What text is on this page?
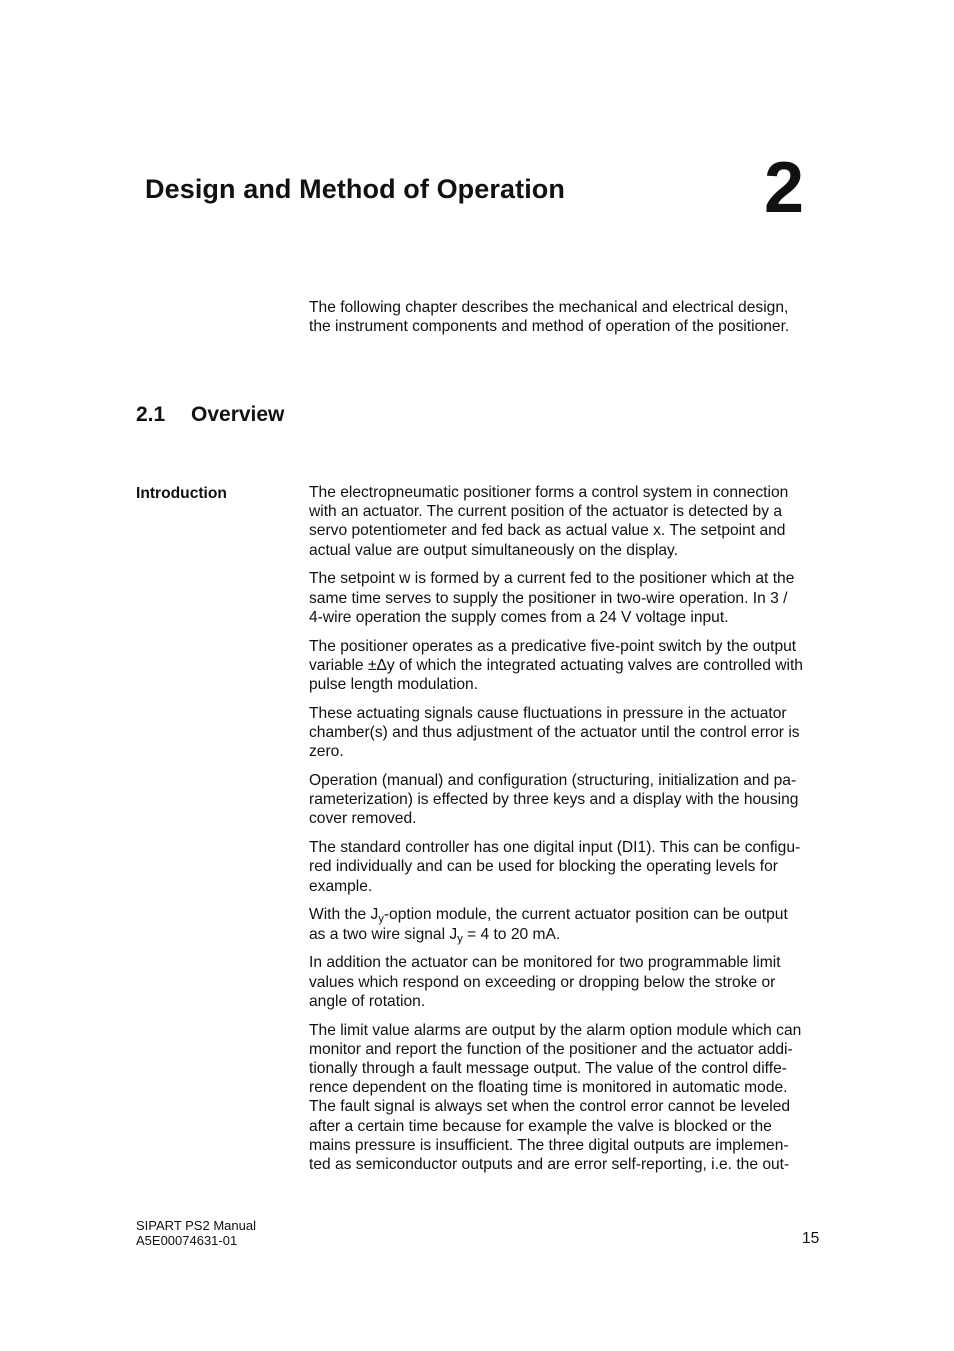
Design and Method of Operation	2

The following chapter describes the mechanical and electrical design,
the instrument components and method of operation of the positioner.

2.1 Overview
Introduction	The electropneumatic positioner forms a control system in connection
with an actuator. The current position of the actuator is detected by a
servo potentiometer and fed back as actual value x. The setpoint and
actual value are output simultaneously on the display.

The setpoint w is formed by a current fed to the positioner which at the
same time serves to supply the positioner in two-wire operation. In 3 /
4-wire operation the supply comes from a 24 V voltage input.

The positioner operates as a predicative five‑point switch by the output
variable ±Δy of which the integrated actuating valves are controlled with
pulse length modulation.

These actuating signals cause fluctuations in pressure in the actuator
chamber(s) and thus adjustment of the actuator until the control error is
zero.

Operation (manual) and configuration (structuring, initialization and pa-
rameterization) is effected by three keys and a display with the housing
cover removed.

The standard controller has one digital input (DI1). This can be configu-
red individually and can be used for blocking the operating levels for
example.

With the $J_y$-option module, the current actuator position can be output
as a two wire signal $J_y = 4$ to 20 mA.

In addition the actuator can be monitored for two programmable limit
values which respond on exceeding or dropping below the stroke or
angle of rotation.

The limit value alarms are output by the alarm option module which can
monitor and report the function of the positioner and the actuator addi-
tionally through a fault message output. The value of the control diffe-
rence dependent on the floating time is monitored in automatic mode.
The fault signal is always set when the control error cannot be leveled
after a certain time because for example the valve is blocked or the
mains pressure is insufficient. The three digital outputs are implemen-
ted as semiconductor outputs and are error self‑reporting, i.e. the out-

SIPART PS2 Manual
A5E00074631-01	15
